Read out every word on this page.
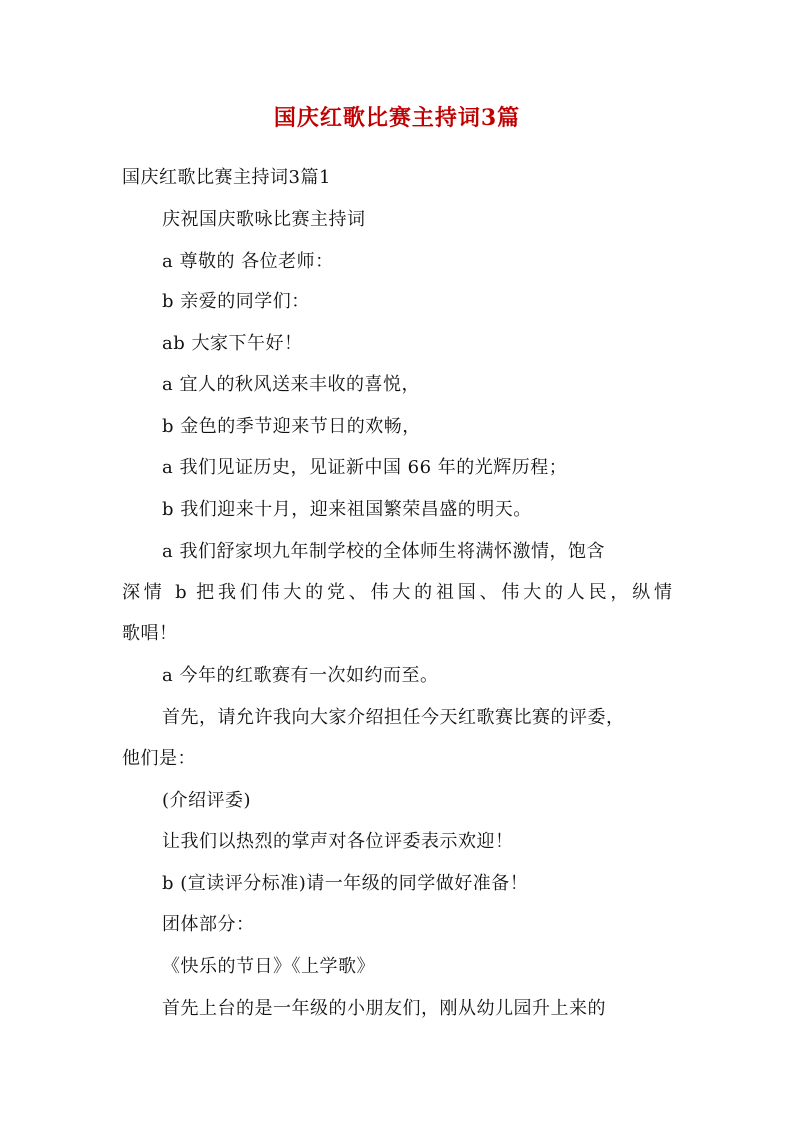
国庆红歌比赛主持词3篇
国庆红歌比赛主持词3篇1
庆祝国庆歌咏比赛主持词
a 尊敬的 各位老师：
b 亲爱的同学们：
ab 大家下午好！
a 宜人的秋风送来丰收的喜悦，
b 金色的季节迎来节日的欢畅，
a 我们见证历史，见证新中国 66 年的光辉历程；
b 我们迎来十月，迎来祖国繁荣昌盛的明天。
a 我们舒家坝九年制学校的全体师生将满怀激情，饱含
深情 b 把我们伟大的党、伟大的祖国、伟大的人民，纵情
歌唱！
a 今年的红歌赛有一次如约而至。
首先，请允许我向大家介绍担任今天红歌赛比赛的评委，
他们是：
(介绍评委)
让我们以热烈的掌声对各位评委表示欢迎！
b (宣读评分标准)请一年级的同学做好准备！
团体部分：
《快乐的节日》《上学歌》
首先上台的是一年级的小朋友们，刚从幼儿园升上来的
